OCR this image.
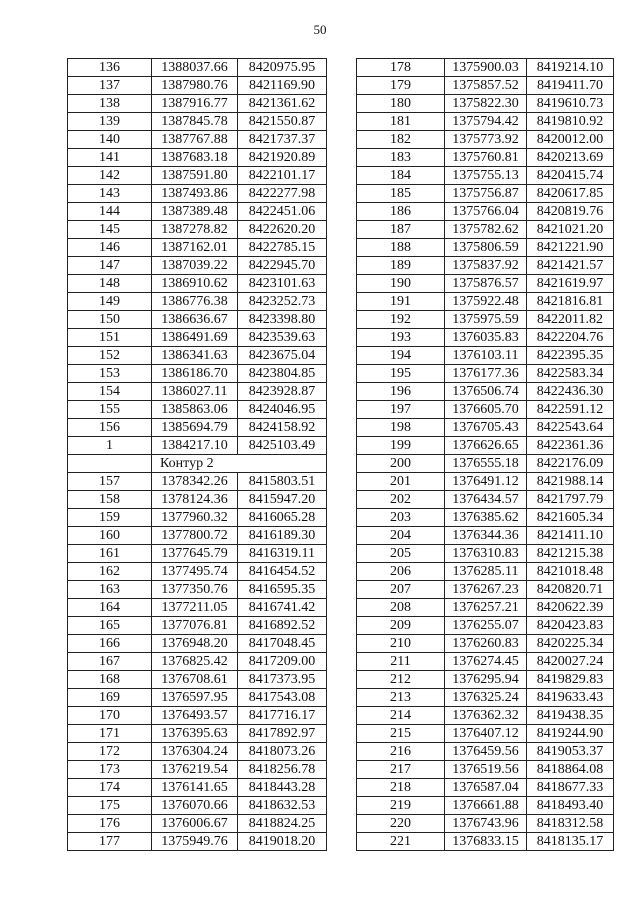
50
136	1388037.66	8420975.95
137	1387980.76	8421169.90
138	1387916.77	8421361.62
139	1387845.78	8421550.87
140	1387767.88	8421737.37
141	1387683.18	8421920.89
142	1387591.80	8422101.17
143	1387493.86	8422277.98
144	1387389.48	8422451.06
145	1387278.82	8422620.20
146	1387162.01	8422785.15
147	1387039.22	8422945.70
148	1386910.62	8423101.63
149	1386776.38	8423252.73
150	1386636.67	8423398.80
151	1386491.69	8423539.63
152	1386341.63	8423675.04
153	1386186.70	8423804.85
154	1386027.11	8423928.87
155	1385863.06	8424046.95
156	1385694.79	8424158.92
1	1384217.10	8425103.49
	Контур 2	
157	1378342.26	8415803.51
158	1378124.36	8415947.20
159	1377960.32	8416065.28
160	1377800.72	8416189.30
161	1377645.79	8416319.11
162	1377495.74	8416454.52
163	1377350.76	8416595.35
164	1377211.05	8416741.42
165	1377076.81	8416892.52
166	1376948.20	8417048.45
167	1376825.42	8417209.00
168	1376708.61	8417373.95
169	1376597.95	8417543.08
170	1376493.57	8417716.17
171	1376395.63	8417892.97
172	1376304.24	8418073.26
173	1376219.54	8418256.78
174	1376141.65	8418443.28
175	1376070.66	8418632.53
176	1376006.67	8418824.25
177	1375949.76	8419018.20
178	1375900.03	8419214.10
179	1375857.52	8419411.70
180	1375822.30	8419610.73
181	1375794.42	8419810.92
182	1375773.92	8420012.00
183	1375760.81	8420213.69
184	1375755.13	8420415.74
185	1375756.87	8420617.85
186	1375766.04	8420819.76
187	1375782.62	8421021.20
188	1375806.59	8421221.90
189	1375837.92	8421421.57
190	1375876.57	8421619.97
191	1375922.48	8421816.81
192	1375975.59	8422011.82
193	1376035.83	8422204.76
194	1376103.11	8422395.35
195	1376177.36	8422583.34
196	1376506.74	8422436.30
197	1376605.70	8422591.12
198	1376705.43	8422543.64
199	1376626.65	8422361.36
200	1376555.18	8422176.09
201	1376491.12	8421988.14
202	1376434.57	8421797.79
203	1376385.62	8421605.34
204	1376344.36	8421411.10
205	1376310.83	8421215.38
206	1376285.11	8421018.48
207	1376267.23	8420820.71
208	1376257.21	8420622.39
209	1376255.07	8420423.83
210	1376260.83	8420225.34
211	1376274.45	8420027.24
212	1376295.94	8419829.83
213	1376325.24	8419633.43
214	1376362.32	8419438.35
215	1376407.12	8419244.90
216	1376459.56	8419053.37
217	1376519.56	8418864.08
218	1376587.04	8418677.33
219	1376661.88	8418493.40
220	1376743.96	8418312.58
221	1376833.15	8418135.17
